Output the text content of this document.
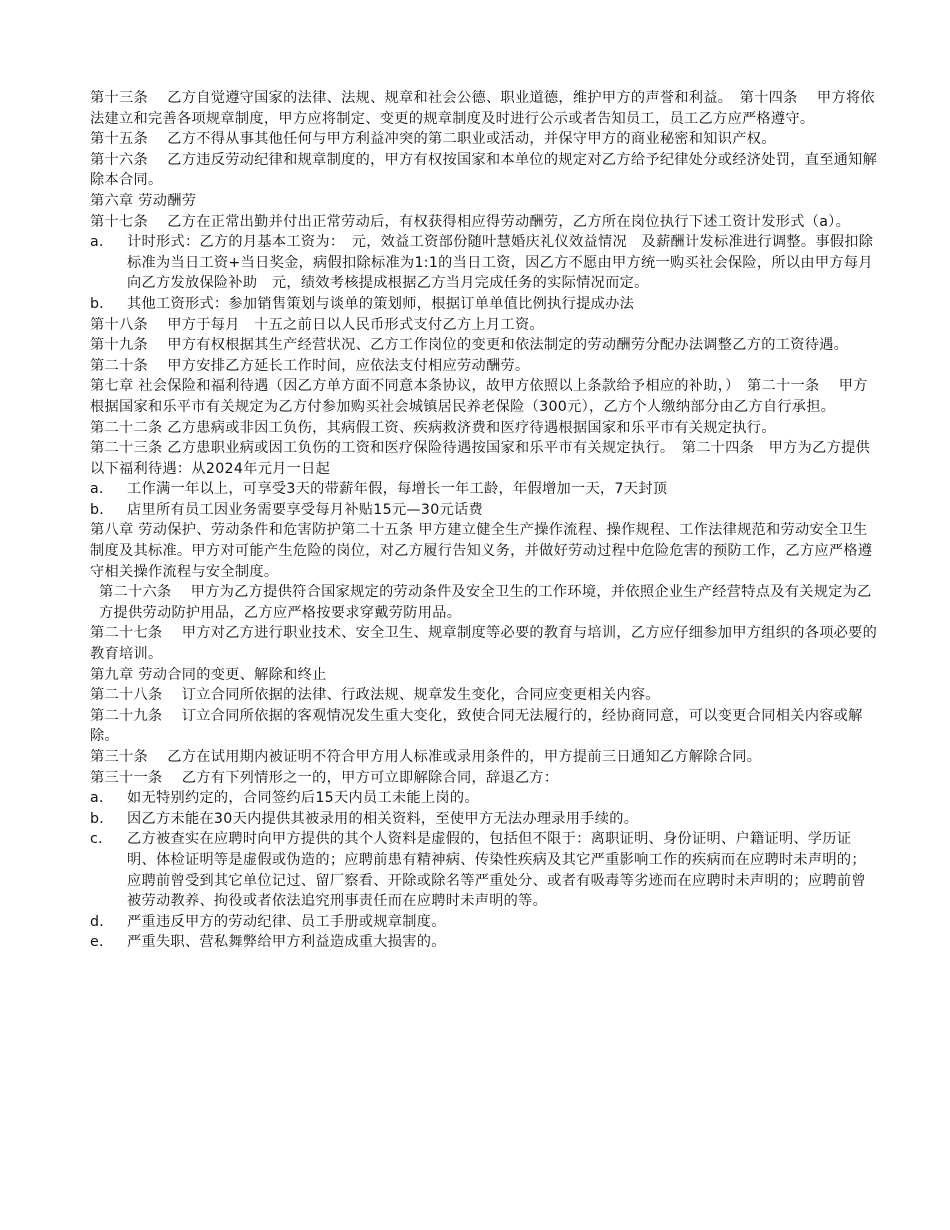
第十三条　 乙方自觉遵守国家的法律、法规、规章和社会公德、职业道德，维护甲方的声誉和利益。　第十四条　 甲方将依法建立和完善各项规章制度，甲方应将制定、变更的规章制度及时进行公示或者告知员工，员工乙方应严格遵守。

第十五条　 乙方不得从事其他任何与甲方利益冲突的第二职业或活动，并保守甲方的商业秘密和知识产权。

第十六条　 乙方违反劳动纪律和规章制度的，甲方有权按国家和本单位的规定对乙方给予纪律处分或经济处罚，直至通知解除本合同。

第六章 劳动酬劳

第十七条　 乙方在正常出勤并付出正常劳动后，有权获得相应得劳动酬劳，乙方所在岗位执行下述工资计发形式（a）。

a． 计时形式：乙方的月基本工资为：　元，效益工资部份随叶慧婚庆礼仪效益情况　及薪酬计发标准进行调整。事假扣除标准为当日工资+当日奖金，病假扣除标准为1:1的当日工资，因乙方不愿由甲方统一购买社会保险，所以由甲方每月向乙方发放保险补助　元，绩效考核提成根据乙方当月完成任务的实际情况而定。

b． 其他工资形式：参加销售策划与谈单的策划师，根据订单单值比例执行提成办法

第十八条　 甲方于每月　十五之前日以人民币形式支付乙方上月工资。

第十九条　 甲方有权根据其生产经营状况、乙方工作岗位的变更和依法制定的劳动酬劳分配办法调整乙方的工资待遇。

第二十条　 甲方安排乙方延长工作时间，应依法支付相应劳动酬劳。

第七章 社会保险和福利待遇（因乙方单方面不同意本条协议，故甲方依照以上条款给予相应的补助，）　第二十一条　 甲方根据国家和乐平市有关规定为乙方付参加购买社会城镇居民养老保险（300元），乙方个人缴纳部分由乙方自行承担。

第二十二条 乙方患病或非因工负伤，其病假工资、疾病救济费和医疗待遇根据国家和乐平市有关规定执行。

第二十三条 乙方患职业病或因工负伤的工资和医疗保险待遇按国家和乐平市有关规定执行。　第二十四条　甲方为乙方提供以下福利待遇：从2024年元月一日起

a． 工作满一年以上，可享受3天的带薪年假，每增长一年工龄，年假增加一天，7天封顶

b． 店里所有员工因业务需要享受每月补贴15元—30元话费

第八章 劳动保护、劳动条件和危害防护第二十五条 甲方建立健全生产操作流程、操作规程、工作法律规范和劳动安全卫生制度及其标准。甲方对可能产生危险的岗位，对乙方履行告知义务，并做好劳动过程中危险危害的预防工作，乙方应严格遵守相关操作流程与安全制度。

第二十六条　 甲方为乙方提供符合国家规定的劳动条件及安全卫生的工作环境，并依照企业生产经营特点及有关规定为乙方提供劳动防护用品，乙方应严格按要求穿戴劳防用品。

第二十七条　 甲方对乙方进行职业技术、安全卫生、规章制度等必要的教育与培训，乙方应仔细参加甲方组织的各项必要的教育培训。

第九章 劳动合同的变更、解除和终止

第二十八条　 订立合同所依据的法律、行政法规、规章发生变化，合同应变更相关内容。

第二十九条　 订立合同所依据的客观情况发生重大变化，致使合同无法履行的，经协商同意，可以变更合同相关内容或解除。

第三十条　 乙方在试用期内被证明不符合甲方用人标准或录用条件的，甲方提前三日通知乙方解除合同。

第三十一条　 乙方有下列情形之一的，甲方可立即解除合同，辞退乙方：

a． 如无特别约定的，合同签约后15天内员工未能上岗的。

b． 因乙方未能在30天内提供其被录用的相关资料，至使甲方无法办理录用手续的。

c． 乙方被查实在应聘时向甲方提供的其个人资料是虚假的，包括但不限于：离职证明、身份证明、户籍证明、学历证明、体检证明等是虚假或伪造的；应聘前患有精神病、传染性疾病及其它严重影响工作的疾病而在应聘时未声明的；应聘前曾受到其它单位记过、留厂察看、开除或除名等严重处分、或者有吸毒等劣迹而在应聘时未声明的；应聘前曾被劳动教养、拘役或者依法追究刑事责任而在应聘时未声明的等。

d． 严重违反甲方的劳动纪律、员工手册或规章制度。

e． 严重失职、营私舞弊给甲方利益造成重大损害的。
